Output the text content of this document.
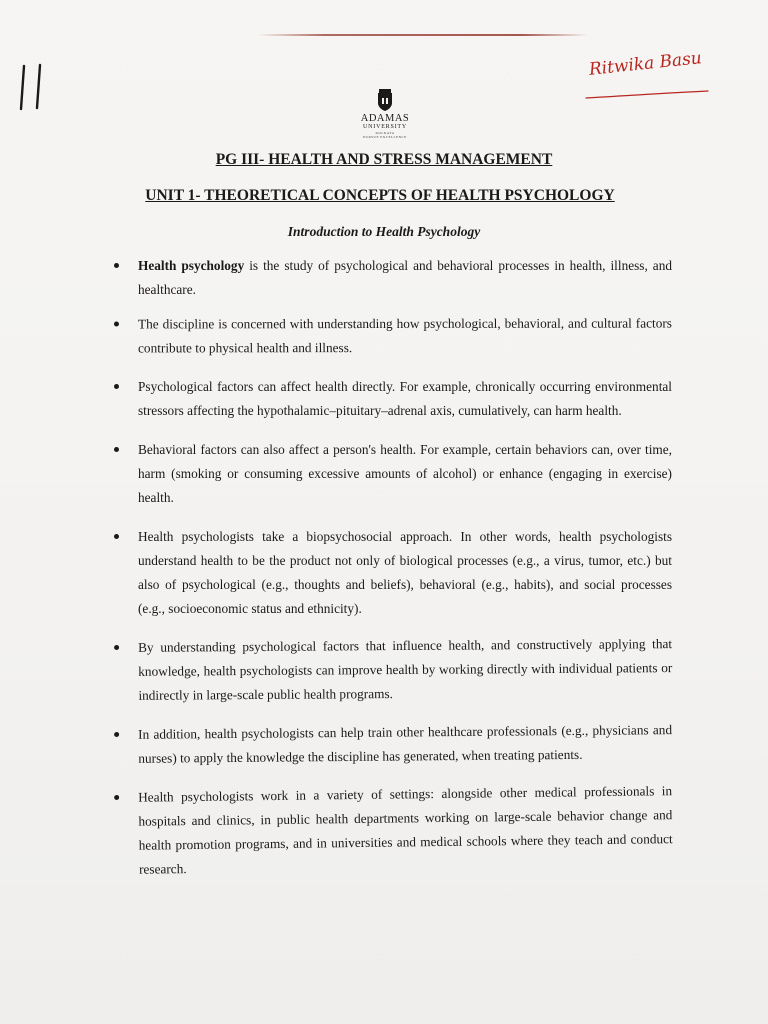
Ritwika Basu
ADAMAS
UNIVERSITY
KOLKATA
PURSUE EXCELLENCE
PG III- HEALTH AND STRESS MANAGEMENT
UNIT 1- THEORETICAL CONCEPTS OF HEALTH PSYCHOLOGY
Introduction to Health Psychology
Health psychology is the study of psychological and behavioral processes in health, illness, and healthcare.
The discipline is concerned with understanding how psychological, behavioral, and cultural factors contribute to physical health and illness.
Psychological factors can affect health directly. For example, chronically occurring environmental stressors affecting the hypothalamic–pituitary–adrenal axis, cumulatively, can harm health.
Behavioral factors can also affect a person's health. For example, certain behaviors can, over time, harm (smoking or consuming excessive amounts of alcohol) or enhance (engaging in exercise) health.
Health psychologists take a biopsychosocial approach. In other words, health psychologists understand health to be the product not only of biological processes (e.g., a virus, tumor, etc.) but also of psychological (e.g., thoughts and beliefs), behavioral (e.g., habits), and social processes (e.g., socioeconomic status and ethnicity).
By understanding psychological factors that influence health, and constructively applying that knowledge, health psychologists can improve health by working directly with individual patients or indirectly in large-scale public health programs.
In addition, health psychologists can help train other healthcare professionals (e.g., physicians and nurses) to apply the knowledge the discipline has generated, when treating patients.
Health psychologists work in a variety of settings: alongside other medical professionals in hospitals and clinics, in public health departments working on large-scale behavior change and health promotion programs, and in universities and medical schools where they teach and conduct research.
